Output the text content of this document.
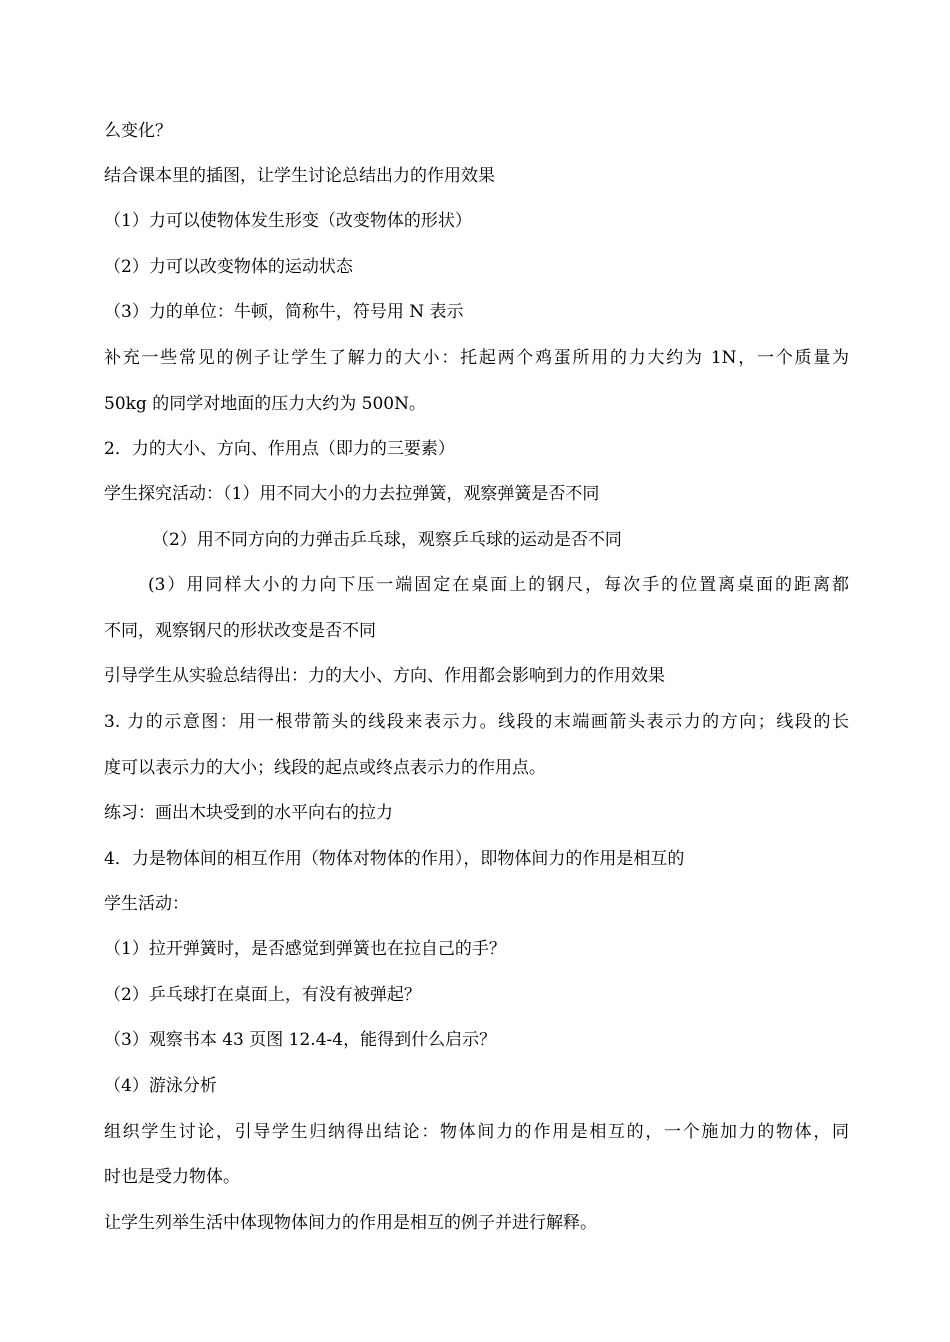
么变化？
结合课本里的插图，让学生讨论总结出力的作用效果
（1）力可以使物体发生形变（改变物体的形状）
（2）力可以改变物体的运动状态
（3）力的单位：牛顿，简称牛，符号用 N 表示
补充一些常见的例子让学生了解力的大小：托起两个鸡蛋所用的力大约为 1N，一个质量为
50kg 的同学对地面的压力大约为 500N。
2．力的大小、方向、作用点（即力的三要素）
学生探究活动：（1）用不同大小的力去拉弹簧，观察弹簧是否不同
（2）用不同方向的力弹击乒乓球，观察乒乓球的运动是否不同
(3）用同样大小的力向下压一端固定在桌面上的钢尺，每次手的位置离桌面的距离都
不同，观察钢尺的形状改变是否不同
引导学生从实验总结得出：力的大小、方向、作用都会影响到力的作用效果
3. 力的示意图：用一根带箭头的线段来表示力。线段的末端画箭头表示力的方向；线段的长
度可以表示力的大小；线段的起点或终点表示力的作用点。
练习：画出木块受到的水平向右的拉力
4．力是物体间的相互作用（物体对物体的作用），即物体间力的作用是相互的
学生活动：
（1）拉开弹簧时，是否感觉到弹簧也在拉自己的手？
（2）乒乓球打在桌面上，有没有被弹起？
（3）观察书本 43 页图 12.4-4，能得到什么启示？
（4）游泳分析
组织学生讨论，引导学生归纳得出结论：物体间力的作用是相互的，一个施加力的物体，同
时也是受力物体。
让学生列举生活中体现物体间力的作用是相互的例子并进行解释。
